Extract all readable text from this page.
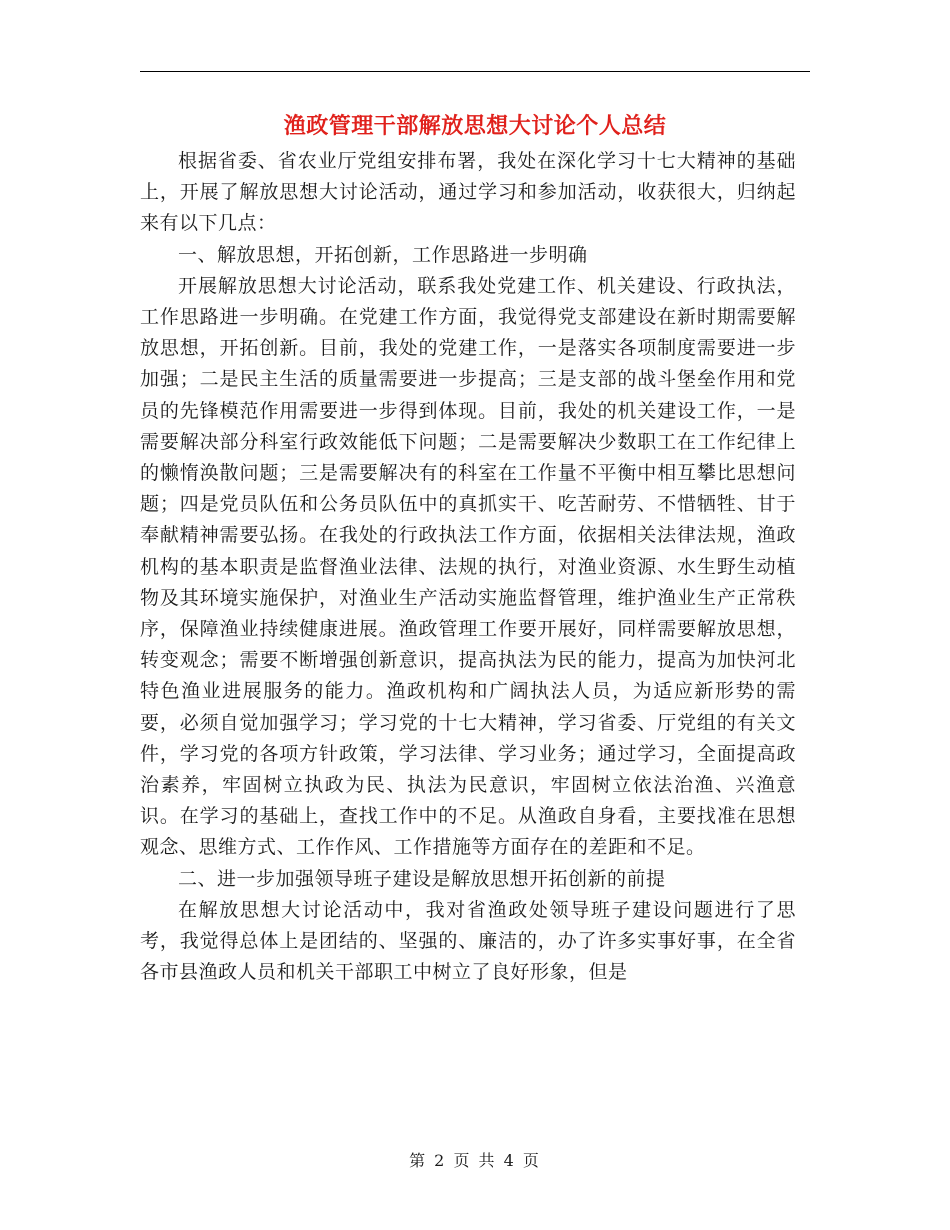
渔政管理干部解放思想大讨论个人总结

根据省委、省农业厅党组安排布署，我处在深化学习十七大精神的基础上，开展了解放思想大讨论活动，通过学习和参加活动，收获很大，归纳起来有以下几点：

一、解放思想，开拓创新，工作思路进一步明确

开展解放思想大讨论活动，联系我处党建工作、机关建设、行政执法，工作思路进一步明确。在党建工作方面，我觉得党支部建设在新时期需要解放思想，开拓创新。目前，我处的党建工作，一是落实各项制度需要进一步加强；二是民主生活的质量需要进一步提高；三是支部的战斗堡垒作用和党员的先锋模范作用需要进一步得到体现。目前，我处的机关建设工作，一是需要解决部分科室行政效能低下问题；二是需要解决少数职工在工作纪律上的懒惰涣散问题；三是需要解决有的科室在工作量不平衡中相互攀比思想问题；四是党员队伍和公务员队伍中的真抓实干、吃苦耐劳、不惜牺牲、甘于奉献精神需要弘扬。在我处的行政执法工作方面，依据相关法律法规，渔政机构的基本职责是监督渔业法律、法规的执行，对渔业资源、水生野生动植物及其环境实施保护，对渔业生产活动实施监督管理，维护渔业生产正常秩序，保障渔业持续健康进展。渔政管理工作要开展好，同样需要解放思想，转变观念；需要不断增强创新意识，提高执法为民的能力，提高为加快河北特色渔业进展服务的能力。渔政机构和广阔执法人员，为适应新形势的需要，必须自觉加强学习；学习党的十七大精神，学习省委、厅党组的有关文件，学习党的各项方针政策，学习法律、学习业务；通过学习，全面提高政治素养，牢固树立执政为民、执法为民意识，牢固树立依法治渔、兴渔意识。在学习的基础上，查找工作中的不足。从渔政自身看，主要找准在思想观念、思维方式、工作作风、工作措施等方面存在的差距和不足。

二、进一步加强领导班子建设是解放思想开拓创新的前提

在解放思想大讨论活动中，我对省渔政处领导班子建设问题进行了思考，我觉得总体上是团结的、坚强的、廉洁的，办了许多实事好事，在全省各市县渔政人员和机关干部职工中树立了良好形象，但是

第 2 页 共 4 页
